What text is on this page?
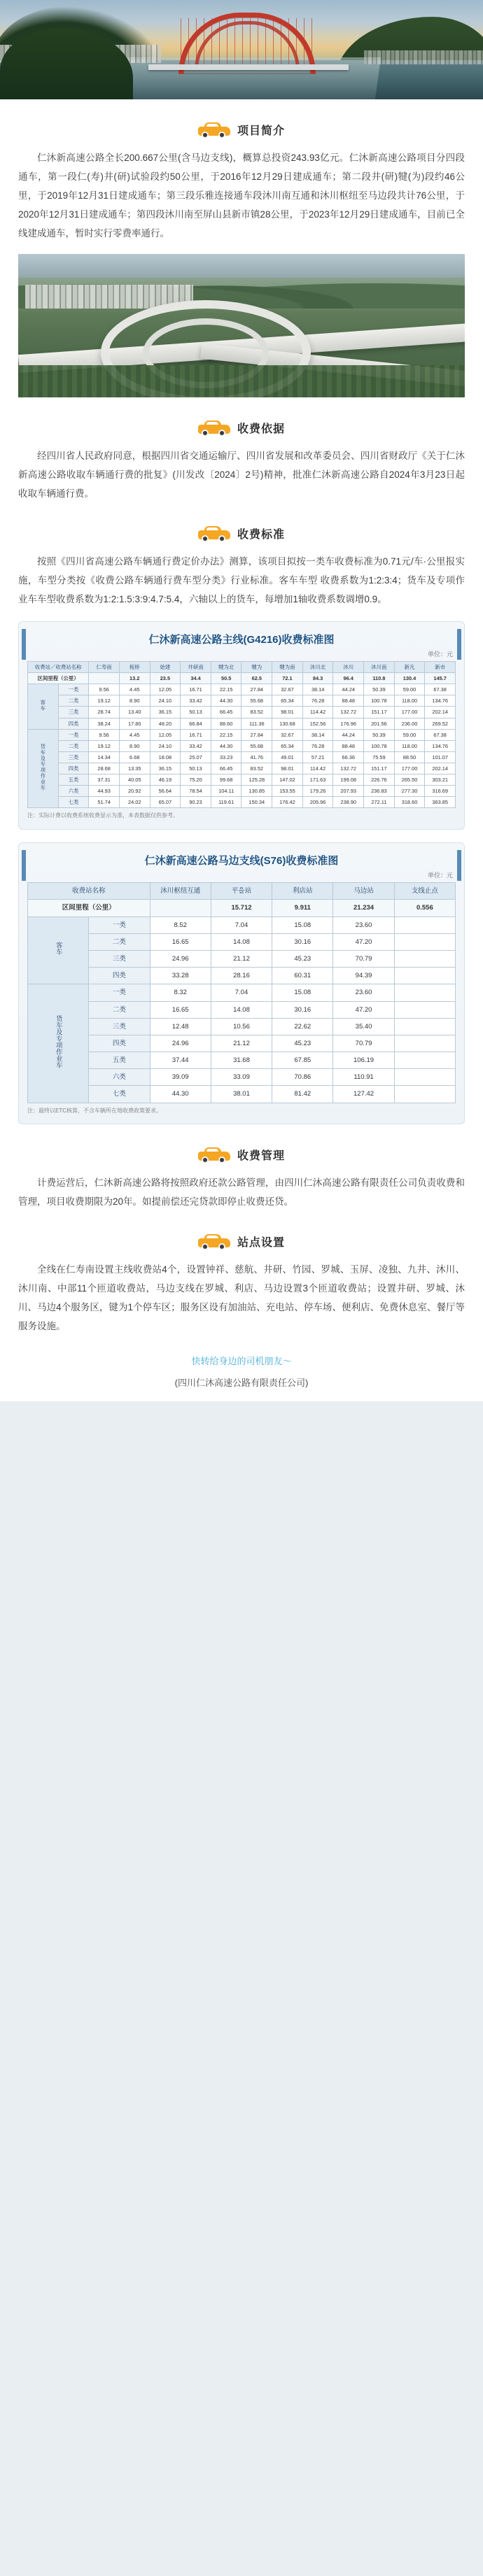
项目简介

仁沐新高速公路全长200.667公里(含马边支线)，概算总投资243.93亿元。仁沐新高速公路项目分四段通车，第一段仁(寿)井(研)试验段约50公里，于2016年12月29日建成通车；第二段井(研)犍(为)段约46公里，于2019年12月31日建成通车；第三段乐雅连接通车段沐川南互通和沐川枢纽至马边段共计76公里，于2020年12月31日建成通车；第四段沐川南至屏山县新市镇28公里，于2023年12月29日建成通车，目前已全线建成通车，暂时实行零费率通行。

收费依据

经四川省人民政府同意，根据四川省交通运输厅、四川省发展和改革委员会、四川省财政厅《关于仁沐新高速公路收取车辆通行费的批复》(川发改〔2024〕2号)精神，批准仁沐新高速公路自2024年3月23日起收取车辆通行费。

收费标准

按照《四川省高速公路车辆通行费定价办法》测算，该项目拟按一类车收费标准为0.71元/车·公里报实施，车型分类按《收费公路车辆通行费车型分类》行业标准。客车车型 收费系数为1:2:3:4；货车及专项作业车车型收费系数为1:2:1.5:3:9:4.7:5.4，六轴以上的货车，每增加1轴收费系数调增0.9。

仁沐新高速公路主线(G4216)收费标准图
单位：元
收费站／收费站名称		仁寿南	板桥	始建	井研南	犍为北	犍为	犍为南	沐川北	沐川	沐川南	新凡	新市
区间里程（公里）			13.2	23.5	34.4	50.5	62.5	72.1	84.3	96.4	110.8	130.4	145.7
客车	一类	9.56	4.45	12.05	16.71	22.15	27.84	32.67	38.14	44.24	50.39	59.00	67.38
	二类	19.12	8.90	24.10	33.42	44.30	55.68	65.34	76.28	88.48	100.78	118.00	134.76
	三类	28.74	13.40	36.15	50.13	66.45	83.52	98.01	114.42	132.72	151.17	177.00	202.14
	四类	38.24	17.80	48.20	66.84	88.60	111.36	130.68	152.56	176.96	201.56	236.00	269.52
货车及专项作业车	一类	9.56	4.45	12.05	16.71	22.15	27.84	32.67	38.14	44.24	50.39	59.00	67.38
	二类	19.12	8.90	24.10	33.42	44.30	55.68	65.34	76.28	88.48	100.78	118.00	134.76
	三类	14.34	6.68	18.08	25.07	33.23	41.76	49.01	57.21	66.36	75.59	88.50	101.07
	四类	28.68	13.35	36.15	50.13	66.45	83.52	98.01	114.42	132.72	151.17	177.00	202.14
	五类	37.31	40.05	46.19	75.20	99.68	125.28	147.02	171.63	199.08	226.76	265.50	303.21
	六类	44.93	20.92	56.64	78.54	104.11	130.85	153.55	179.26	207.93	236.83	277.30	316.69
	七类	51.74	24.02	65.07	90.23	119.61	150.34	176.42	205.96	238.90	272.11	318.60	363.85
注：实际计费以收费系统收费显示为准，本表数据仅供参考。
仁沐新高速公路马边支线(S76)收费标准图
单位：元
收费站名称		沐川枢纽互通	平을站	利店站	马边站	支线止点
区间里程（公里）			15.712	9.911	21.234	0.556
客车	一类	8.52	7.04	15.08	23.60	
	二类	16.65	14.08	30.16	47.20	
	三类	24.96	21.12	45.23	70.79	
	四类	33.28	28.16	60.31	94.39	
货车及专项作业车	一类	8.32	7.04	15.08	23.60	
	二类	16.65	14.08	30.16	47.20	
	三类	12.48	10.56	22.62	35.40	
	四类	24.96	21.12	45.23	70.79	
	五类	37.44	31.68	67.85	106.19	
	六类	39.09	33.09	70.86	110.91	
	七类	44.30	38.01	81.42	127.42	
注：最终以ETC核算，不含车辆所在地收费政策要求。
收费管理

计费运营后，仁沐新高速公路将按照政府还款公路管理，由四川仁沐高速公路有限责任公司负责收费和管理，项目收费期限为20年。如提前偿还完贷款即停止收费还贷。

站点设置

全线在仁寿南设置主线收费站4个，设置钟祥、慈航、井研、竹园、罗城、玉屏、凌独、九井、沐川、沐川南、中部11个匝道收费站，马边支线在罗城、利店、马边设置3个匝道收费站；设置井研、罗城、沐川、马边4个服务区，键为1个停车区；服务区设有加油站、充电站、停车场、便利店、免费休息室、餐厅等服务设施。

快转给身边的司机朋友～
(四川仁沐高速公路有限责任公司)
